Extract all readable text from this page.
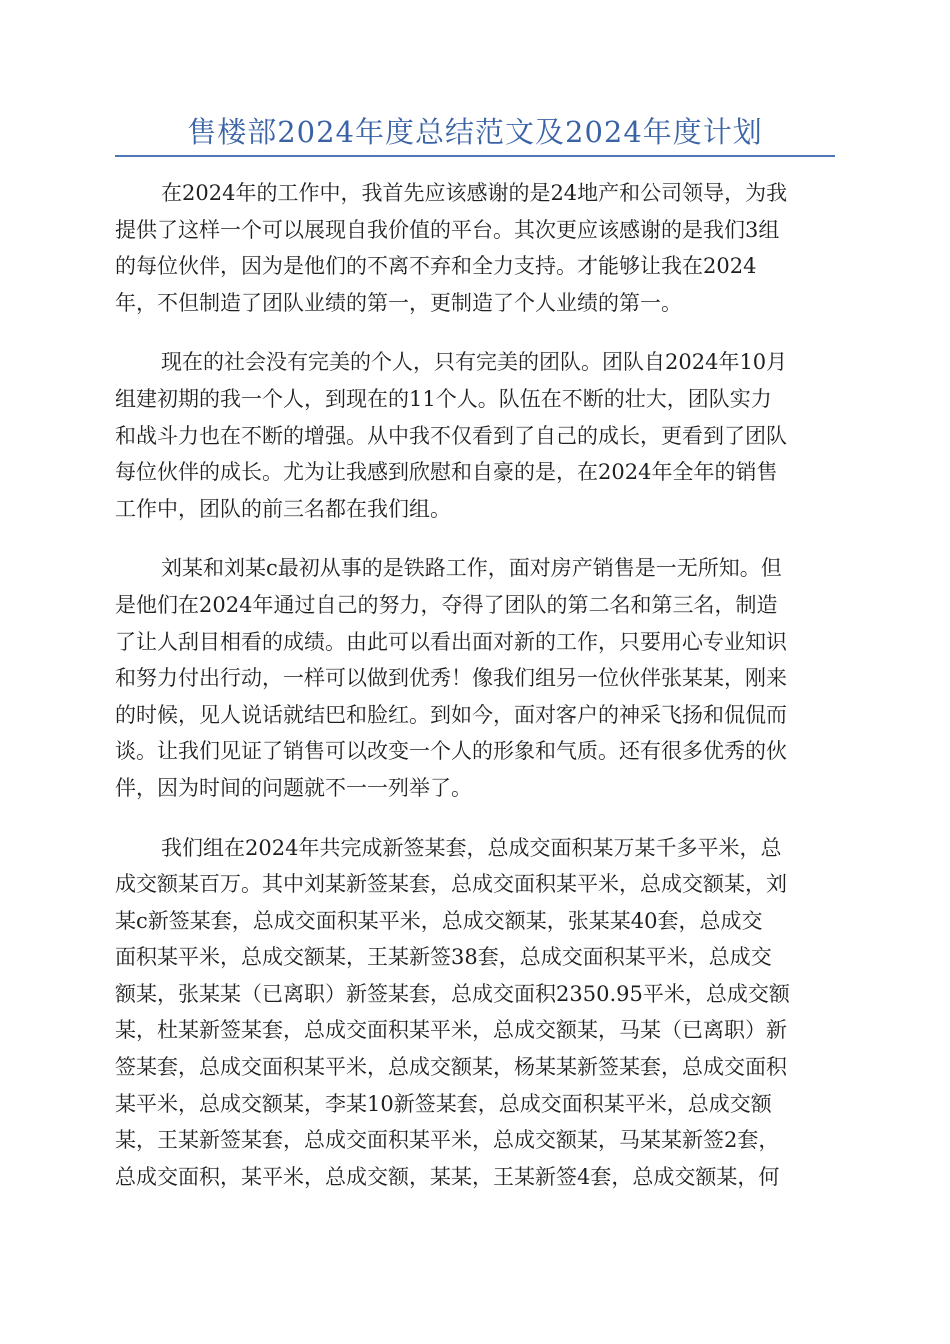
售楼部2024年度总结范文及2024年度计划
在2024年的工作中，我首先应该感谢的是24地产和公司领导，为我
提供了这样一个可以展现自我价值的平台。其次更应该感谢的是我们3组
的每位伙伴，因为是他们的不离不弃和全力支持。才能够让我在2024
年，不但制造了团队业绩的第一，更制造了个人业绩的第一。
现在的社会没有完美的个人，只有完美的团队。团队自2024年10月
组建初期的我一个人，到现在的11个人。队伍在不断的壮大，团队实力
和战斗力也在不断的增强。从中我不仅看到了自己的成长，更看到了团队
每位伙伴的成长。尤为让我感到欣慰和自豪的是，在2024年全年的销售
工作中，团队的前三名都在我们组。
刘某和刘某c最初从事的是铁路工作，面对房产销售是一无所知。但
是他们在2024年通过自己的努力，夺得了团队的第二名和第三名，制造
了让人刮目相看的成绩。由此可以看出面对新的工作，只要用心专业知识
和努力付出行动，一样可以做到优秀！像我们组另一位伙伴张某某，刚来
的时候，见人说话就结巴和脸红。到如今，面对客户的神采飞扬和侃侃而
谈。让我们见证了销售可以改变一个人的形象和气质。还有很多优秀的伙
伴，因为时间的问题就不一一列举了。
我们组在2024年共完成新签某套，总成交面积某万某千多平米，总
成交额某百万。其中刘某新签某套，总成交面积某平米，总成交额某，刘
某c新签某套，总成交面积某平米，总成交额某，张某某40套，总成交
面积某平米，总成交额某，王某新签38套，总成交面积某平米，总成交
额某，张某某（已离职）新签某套，总成交面积2350.95平米，总成交额
某，杜某新签某套，总成交面积某平米，总成交额某，马某（已离职）新
签某套，总成交面积某平米，总成交额某，杨某某新签某套，总成交面积
某平米，总成交额某，李某10新签某套，总成交面积某平米，总成交额
某，王某新签某套，总成交面积某平米，总成交额某，马某某新签2套，
总成交面积，某平米，总成交额，某某，王某新签4套，总成交额某，何
